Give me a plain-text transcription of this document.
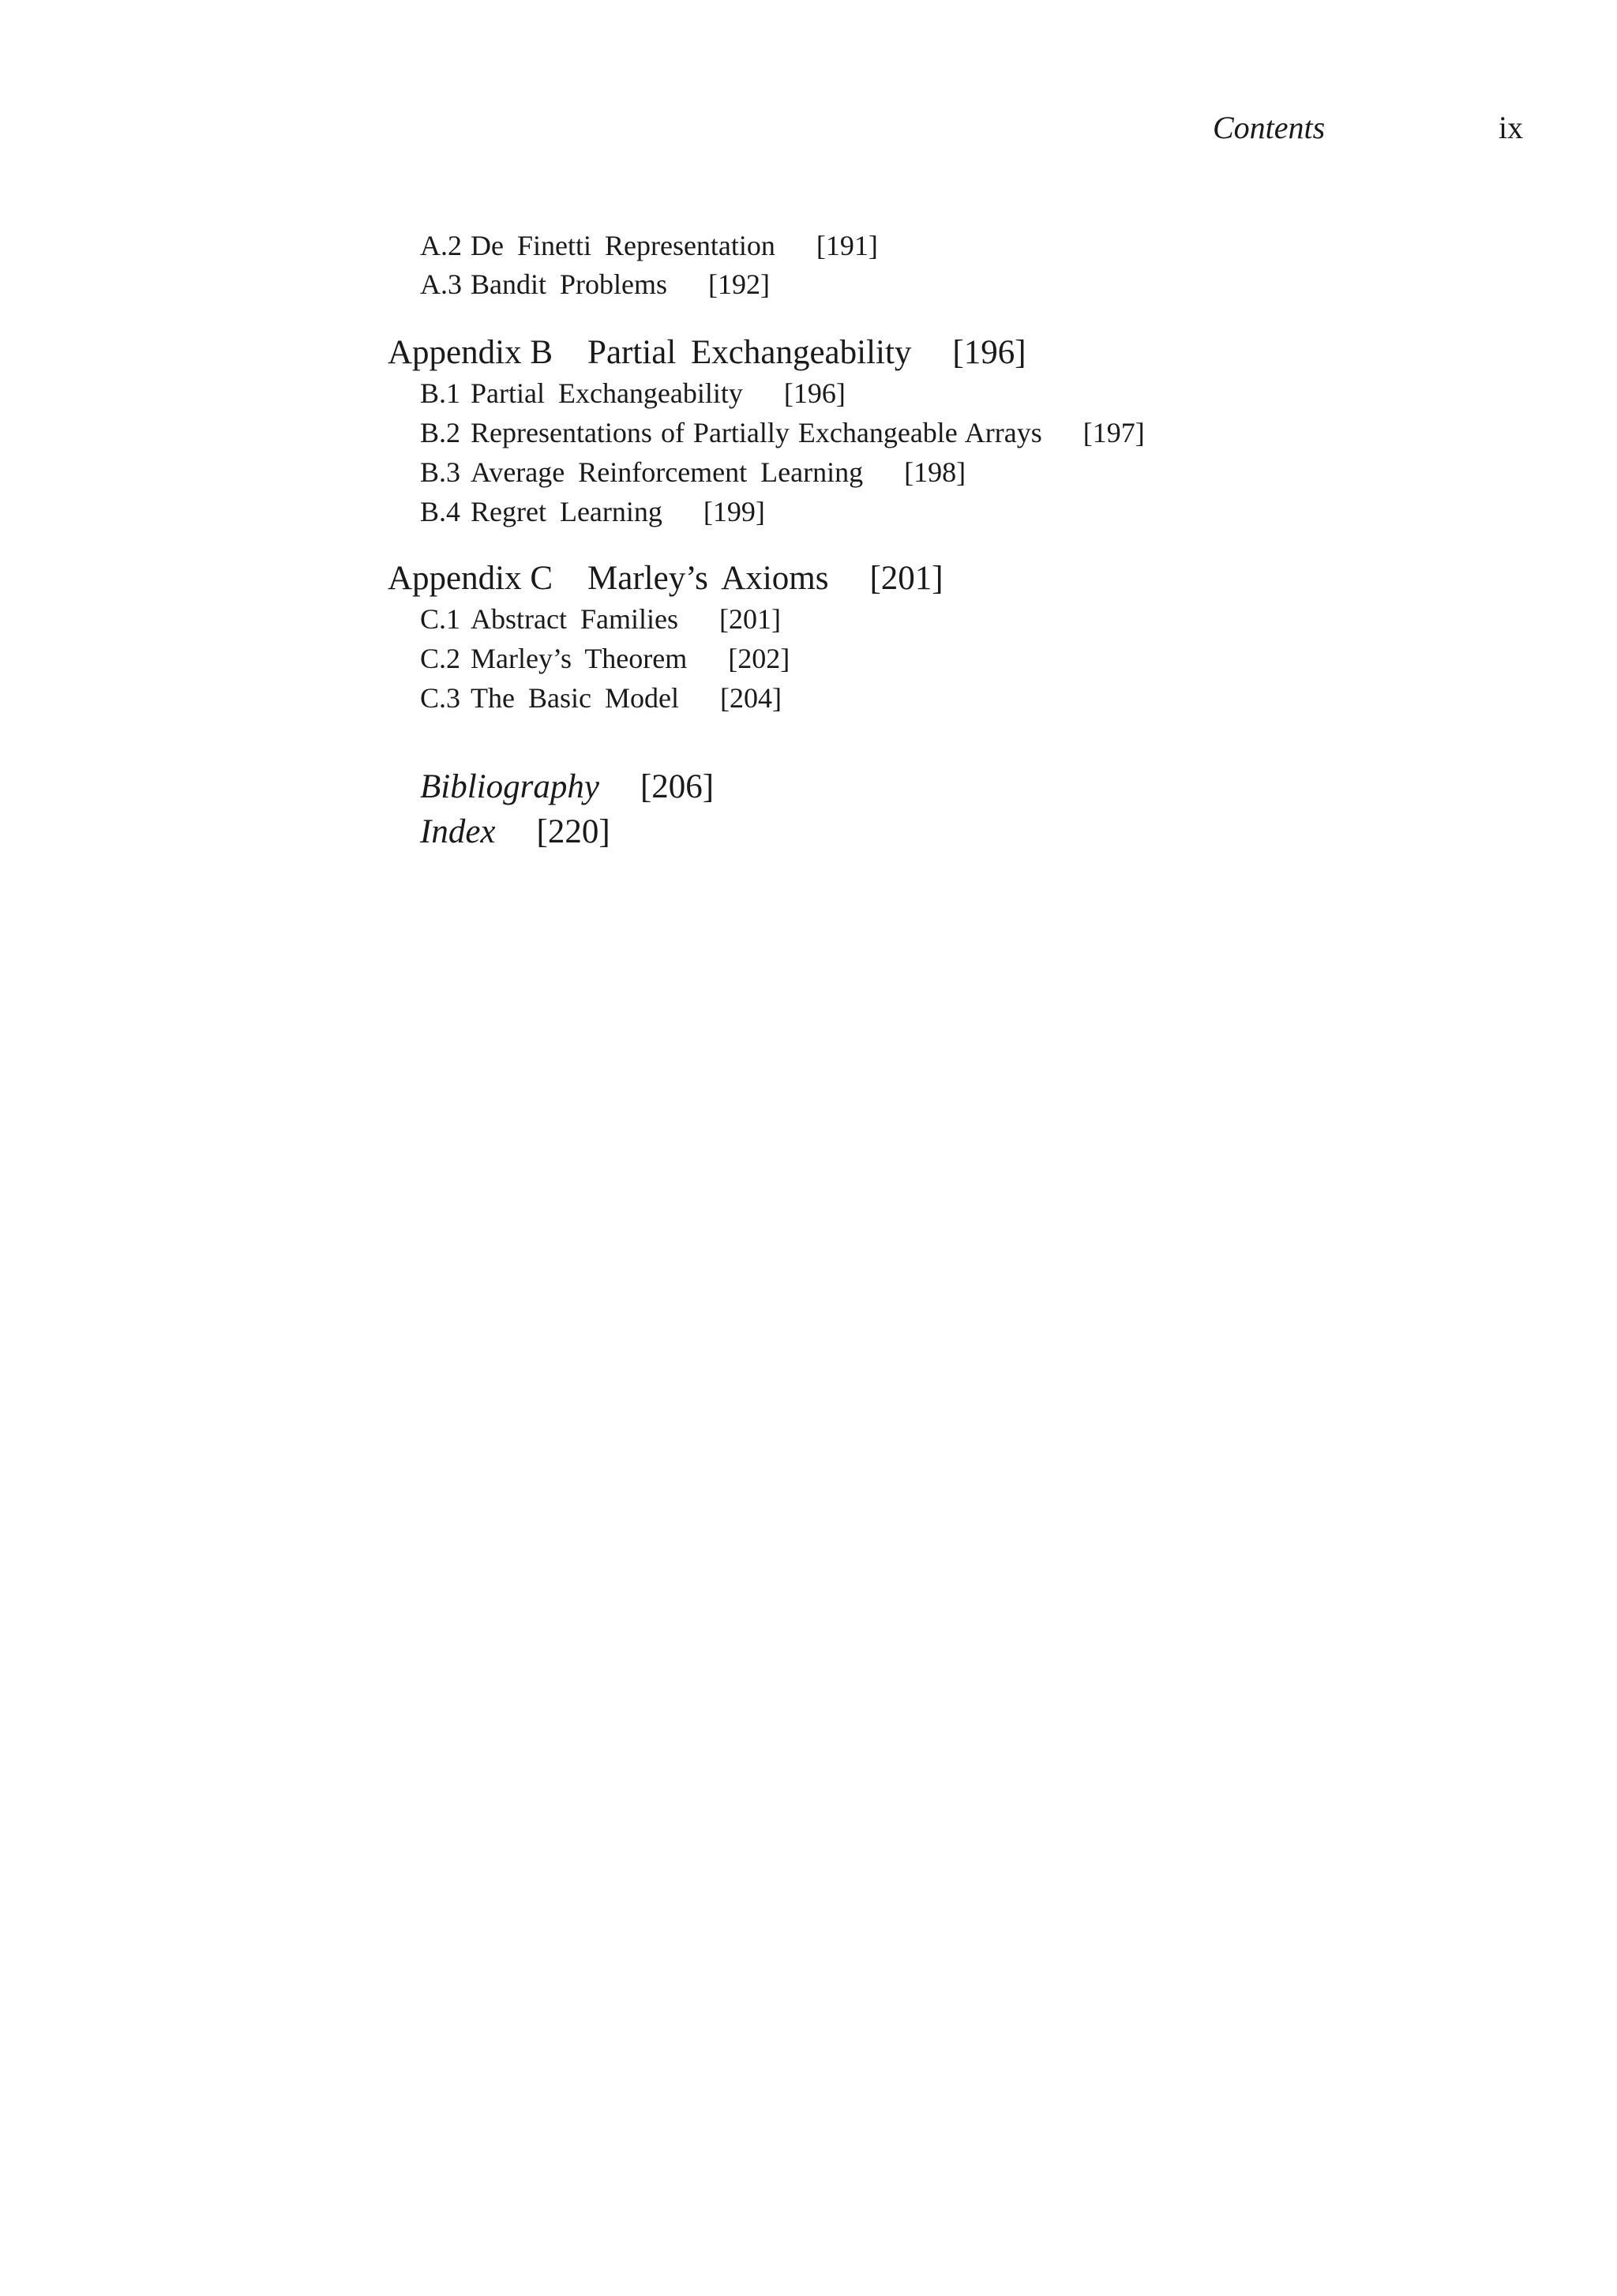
Contents	ix
A.2 De Finetti Representation [191]
A.3 Bandit Problems [192]
Appendix B Partial Exchangeability [196]
B.1 Partial Exchangeability [196]
B.2 Representations of Partially Exchangeable Arrays [197]
B.3 Average Reinforcement Learning [198]
B.4 Regret Learning [199]
Appendix C Marley’s Axioms [201]
C.1 Abstract Families [201]
C.2 Marley’s Theorem [202]
C.3 The Basic Model [204]
Bibliography [206]
Index [220]
